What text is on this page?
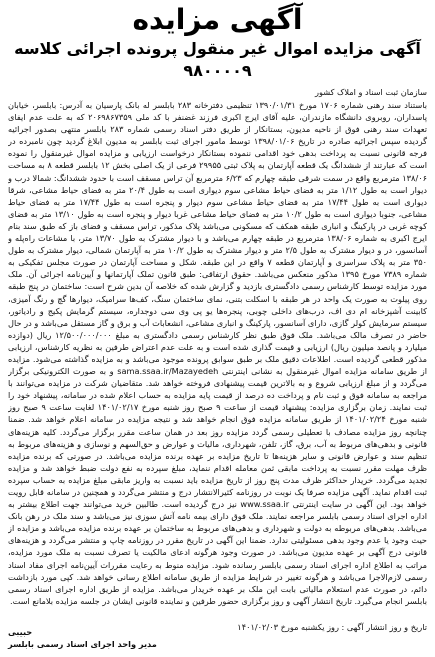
آگهی مزایده
آگهی مزایده اموال غیر منقول پرونده اجرائی کلاسه ۹۸۰۰۰۰۹

سازمان ثبت اسناد و املاک کشور

باستناد سند رهنی شماره ۱۷۰۶ مورخ ۱۳۹۰/۰۱/۳۱ تنظیمی دفترخانه ۲۸۳ بابلسر له بانک پارسیان به آدرس: بابلسر، خیابان پاسداران، روبروی دانشگاه مازندران، علیه آقای ایرج اکبری فرزند غضنفر با کد ملی ۲۰۶۹۸۶۷۳۵۹ که به علت عدم ایفای تعهدات سند رهنی فوق از ناحیه مدیون، بستانکار از طریق دفتر اسناد رسمی شماره ۲۸۳ بابلسر منتهی بصدور اجرائیه گردیده سپس اجرائیه صادره در تاریخ ۱۳۹۸/۰۱/۰۶ توسط مامور اجرای ثبت بابلسر به مدیون ابلاغ گردید چون نامبرده در فرجه قانونی نسبت به پرداخت بدهی خود اقدامی ننموده بستانکار درخواست ارزیابی و مزایده اموال غیرمنقول را نموده است که عبارتند از ششدانگ یک قطعه آپارتمان به پلاک ثبتی ۲۹۹۵۵ فرعی از یک اصلی بخش ۱۲ بابلسر قطعه ۸ به مساحت ۱۳۸/۰۶ مترمربع واقع در سمت شرقی طبقه چهارم که ۶/۲۳ مترمربع آن تراس مسقف است با حدود ششدانگ: شمالا درب و دیوار است به طول ۱/۱۲ متر به فضای حیاط مشاعی سوم دیواری است به طول ۲۰/۴ متر به فضای حیاط مشاعی، شرقا دیواری است به طول ۱۷/۴۴ متر به فضای حیاط مشاعی سوم دیوار و پنجره است به طول ۱۷/۴۴ متر به فضای حیاط مشاعی، جنوبا دیواری است به طول ۱۰/۲ متر به فضای حیاط مشاعی غربا دیوار و پنجره است به طول ۱۳/۱۰ متر به فضای کوچه غربی در پارکینگ و انباری طبقه همکف که مسکونی می‌باشد پلاک مذکور، تراس مسقف و فضای باز که طبق سند بنام ایرج اکبری به شماره ۱۳۸/۰۶ مترمربع در طبقه چهارم می‌باشد و با دیوار مشترک به طول ۱۳/۷۰ متر، با مشاعات راه‌پله و آسانسور، در و دیوار مشترک به طول ۲/۵ متر و دیوار مشترک به طول ۱۰/۲ متر به آپارتمان شمالی، دیوار مشترک به طول ۳۵۰ متر به پلاک سراسری و آپارتمان قطعه ۷ واقع در این طبقه. شکل و مساحت آپارتمان در صورت مجلس تفکیکی به شماره ۷۳۸۹ مورخ ۱۳۹۵ مذکور منعکس می‌باشد. حقوق ارتفاقی: طبق قانون تملک آپارتمانها و آیین‌نامه اجرائی آن. ملک مورد مزایده توسط کارشناس رسمی دادگستری بازدید و گزارش شده که خلاصه آن بدین شرح است: ساختمان در پنج طبقه روی پیلوت به صورت یک واحد در هر طبقه با اسکلت بتنی، نمای ساختمان سنگ، کف‌ها سرامیک، دیوارها گچ و رنگ آمیزی، کابینت آشپزخانه ام دی اف، درب‌های داخلی چوبی، پنجره‌ها یو پی وی سی دوجداره، سیستم گرمایش پکیج و رادیاتور، سیستم سرمایش کولر گازی، دارای آسانسور، پارکینگ و انباری مشاعی، انشعابات آب و برق و گاز مستقل می‌باشد و در حال حاضر در تصرف مالک می‌باشد. ملک فوق طبق نظر کارشناس رسمی دادگستری به مبلغ ۱۲/۵۰۰/۰۰۰/۰۰۰ ریال (دوازده میلیارد و پانصد میلیون ریال) ارزیابی و قیمت گذاری شده است و به علت عدم اعتراض طرفین به نظریه کارشناس، ارزیابی مذکور قطعی گردیده است. اطلاعات دقیق ملک بر طبق سوابق پرونده موجود می‌باشد و به مزایده گذاشته می‌شود. مزایده از طریق سامانه مزایده اموال غیرمنقول به نشانی اینترنتی sama.ssaa.ir/Mazayedeh و به صورت الکترونیکی برگزار می‌گردد و از مبلغ ارزیابی شروع و به بالاترین قیمت پیشنهادی فروخته خواهد شد. متقاضیان شرکت در مزایده می‌توانند با مراجعه به سامانه فوق و ثبت نام و پرداخت ده درصد از قیمت پایه مزایده به حساب اعلام شده در سامانه، پیشنهاد خود را ثبت نمایند. زمان برگزاری مزایده: پیشنهاد قیمت از ساعت ۹ صبح روز شنبه مورخ ۱۴۰۱/۰۲/۱۷ لغایت ساعت ۹ صبح روز شنبه مورخ ۱۴۰۱/۰۲/۲۴ از طریق سامانه مزایده فوق انجام خواهد شد و نتیجه مزایده در سامانه اعلام خواهد شد. ضمنا چنانچه روز مزایده مصادف با تعطیلی رسمی گردد مزایده روز بعد در همان ساعت مقرر برگزار می‌گردد. کلیه هزینه‌های قانونی و بدهی‌های مربوط به آب، برق، گاز، تلفن، شهرداری، مالیات و عوارض و حق‌السهم و نوسازی و هزینه‌های مربوط به تنظیم سند و عوارض قانونی و سایر هزینه‌ها تا تاریخ مزایده بر عهده برنده مزایده می‌باشد. در صورتی که برنده مزایده ظرف مهلت مقرر نسبت به پرداخت مابقی ثمن معامله اقدام ننماید، مبلغ سپرده به نفع دولت ضبط خواهد شد و مزایده تجدید می‌گردد. خریدار حداکثر ظرف مدت پنج روز از تاریخ مزایده باید نسبت به واریز مابقی مبلغ مزایده به حساب سپرده ثبت اقدام نماید. آگهی مزایده صرفا یک نوبت در روزنامه کثیرالانتشار درج و منتشر می‌گردد و همچنین در سامانه قابل رویت خواهد بود. این آگهی در سایت اینترنتی www.ssaa.ir نیز درج گردیده است. طالبین خرید می‌توانند جهت اطلاع بیشتر به اداره اجرای اسناد رسمی بابلسر مراجعه نمایند. ملک فوق دارای بیمه نامه آتش سوزی نیز می‌باشد و سند ملک در رهن بانک می‌باشد. بدهی‌های مربوطه به دولت و شهرداری و بدهی‌های مربوط به ساختمان بر عهده برنده مزایده می‌باشد و مزایده از حیث وجود یا عدم وجود بدهی مسئولیتی ندارد. ضمنا این آگهی در تاریخ مقرر در روزنامه چاپ و منتشر می‌گردد و هزینه‌های قانونی درج آگهی بر عهده مدیون می‌باشد. در صورت وجود هرگونه ادعای مالکیت یا تصرف نسبت به ملک مورد مزایده، مراتب به اطلاع اداره اجرای اسناد رسمی بابلسر رسانده شود. مزایده منوط به رعایت مقررات آیین‌نامه اجرای مفاد اسناد رسمی لازم‌الاجرا می‌باشد و هرگونه تغییر در شرایط مزایده از طریق سامانه اطلاع رسانی خواهد شد. کپی مورد بازداشت دائم، در صورت عدم استعلام مالیاتی بابت این ملک بر عهده خریدار می‌باشد. مزایده از طریق اداره اجرای اسناد رسمی بابلسر انجام می‌گیرد. تاریخ انتشار آگهی و روز برگزاری حضور طرفین و نماینده قانونی ایشان در جلسه مزایده بلامانع است.

تاریخ و روز انتشار آگهی : روز یکشنبه مورخ ۱۴۰۱/۰۲/۰۳

حبیبی

مدیر واحد اجرای اسناد رسمی بابلسر
